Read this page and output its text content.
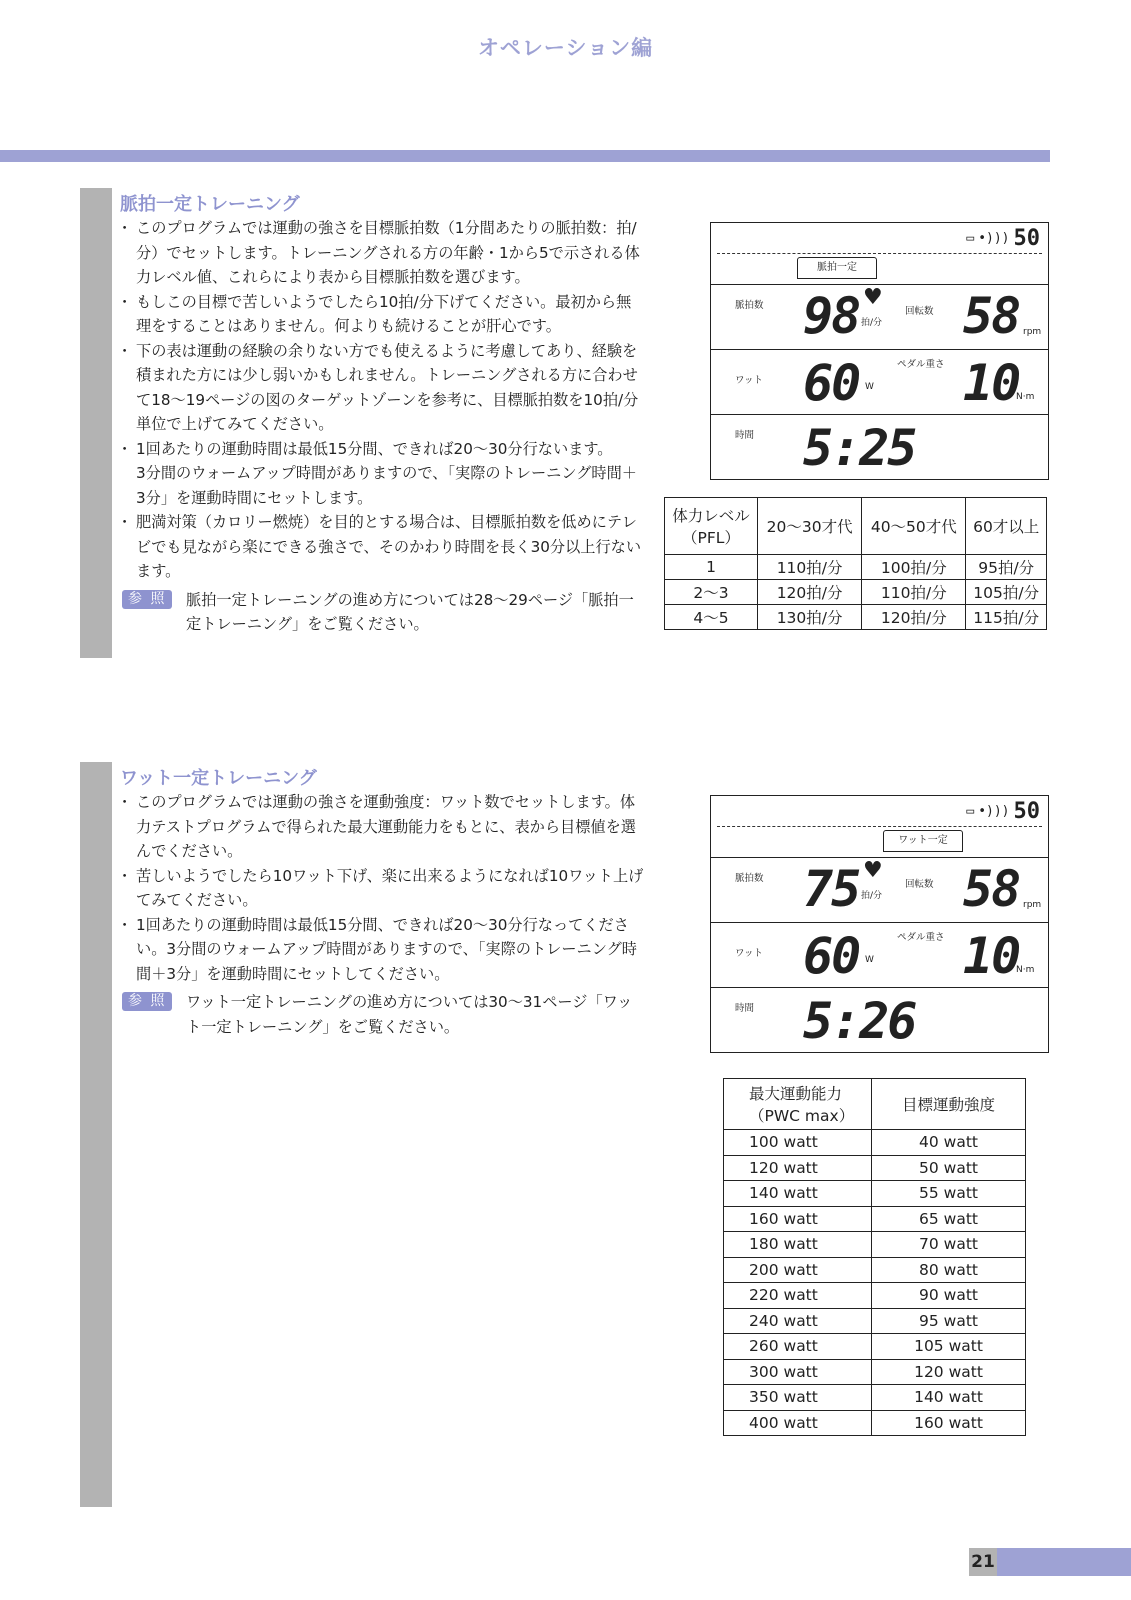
オペレーション編
脈拍一定トレーニング

・ このプログラムでは運動の強さを目標脈拍数（1分間あたりの脈拍数：拍/分）でセットします。トレーニングされる方の年齢・1から5で示される体力レベル値、これらにより表から目標脈拍数を選びます。

・ もしこの目標で苦しいようでしたら10拍/分下げてください。最初から無理をすることはありません。何よりも続けることが肝心です。

・ 下の表は運動の経験の余りない方でも使えるように考慮してあり、経験を積まれた方には少し弱いかもしれません。トレーニングされる方に合わせて18～19ページの図のターゲットゾーンを参考に、目標脈拍数を10拍/分単位で上げてみてください。

・ 1回あたりの運動時間は最低15分間、できれば20～30分行ないます。

3分間のウォームアップ時間がありますので、「実際のトレーニング時間＋3分」を運動時間にセットします。

・ 肥満対策（カロリー燃焼）を目的とする場合は、目標脈拍数を低めにテレビでも見ながら楽にできる強さで、そのかわり時間を長く30分以上行ないます。

参 照	脈拍一定トレーニングの進め方については28～29ページ「脈拍一定トレーニング」をご覧ください。
▭ •))) 50
脈拍一定
脈拍数 98 ♥
拍/分
回転数 58 rpm
ワット 60 W
ペダル重さ 10
N·m
時間 5:25
体力レベル（PFL）	20～30才代	40～50才代	60才以上
1	110拍/分	100拍/分	95拍/分
2～3	120拍/分	110拍/分	105拍/分
4～5	130拍/分	120拍/分	115拍/分
ワット一定トレーニング

・ このプログラムでは運動の強さを運動強度：ワット数でセットします。体力テストプログラムで得られた最大運動能力をもとに、表から目標値を選んでください。

・ 苦しいようでしたら10ワット下げ、楽に出来るようになれば10ワット上げてみてください。

・ 1回あたりの運動時間は最低15分間、できれば20～30分行なってください。3分間のウォームアップ時間がありますので、「実際のトレーニング時間＋3分」を運動時間にセットしてください。

参 照	ワット一定トレーニングの進め方については30～31ページ「ワット一定トレーニング」をご覧ください。
▭ •))) 50
ワット一定
脈拍数 75 ♥
拍/分
回転数 58 rpm
ワット 60 W
ペダル重さ 10
N·m
時間 5:26
最大運動能力（PWC max）	目標運動強度
100 watt	40 watt
120 watt	50 watt
140 watt	55 watt
160 watt	65 watt
180 watt	70 watt
200 watt	80 watt
220 watt	90 watt
240 watt	95 watt
260 watt	105 watt
300 watt	120 watt
350 watt	140 watt
400 watt	160 watt
21
